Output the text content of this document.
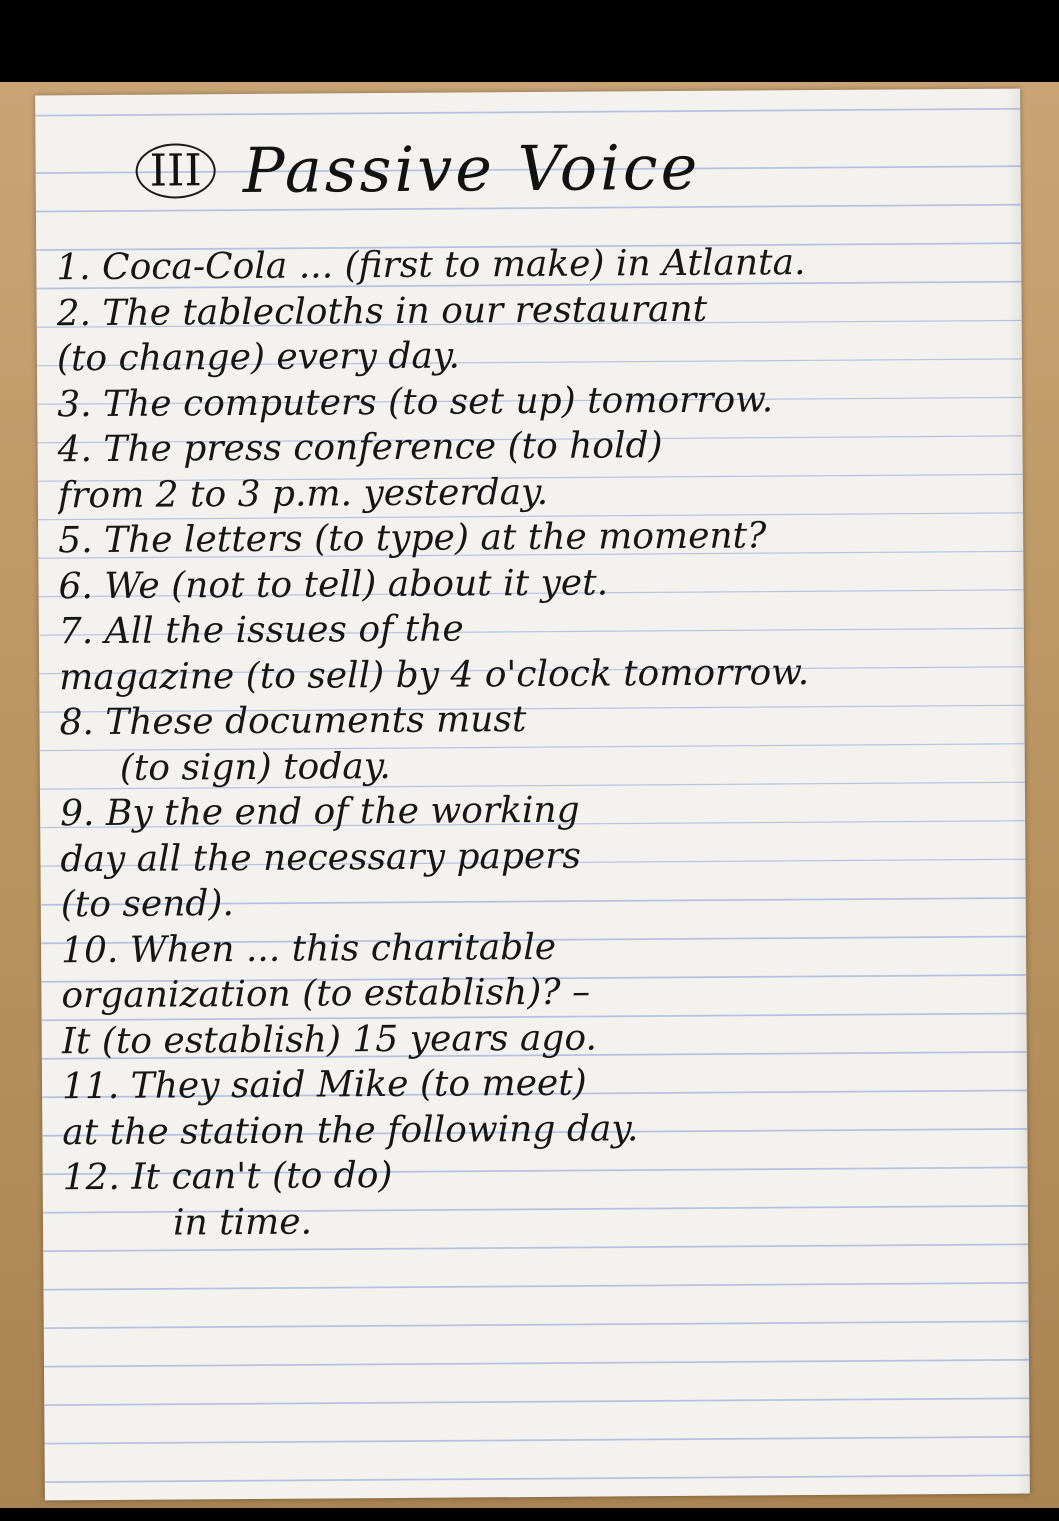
III Passive Voice
1. Coca-Cola ... (first to make) in Atlanta.
2. The tablecloths in our restaurant
(to change) every day.
3. The computers (to set up) tomorrow.
4. The press conference (to hold)
from 2 to 3 p.m. yesterday.
5. The letters (to type) at the moment?
6. We (not to tell) about it yet.
7. All the issues of the
magazine (to sell) by 4 o'clock tomorrow.
8. These documents must
(to sign) today.
9. By the end of the working
day all the necessary papers
(to send).
10. When ... this charitable
organization (to establish)? –
It (to establish) 15 years ago.
11. They said Mike (to meet)
at the station the following day.
12. It can't (to do)
in time.
